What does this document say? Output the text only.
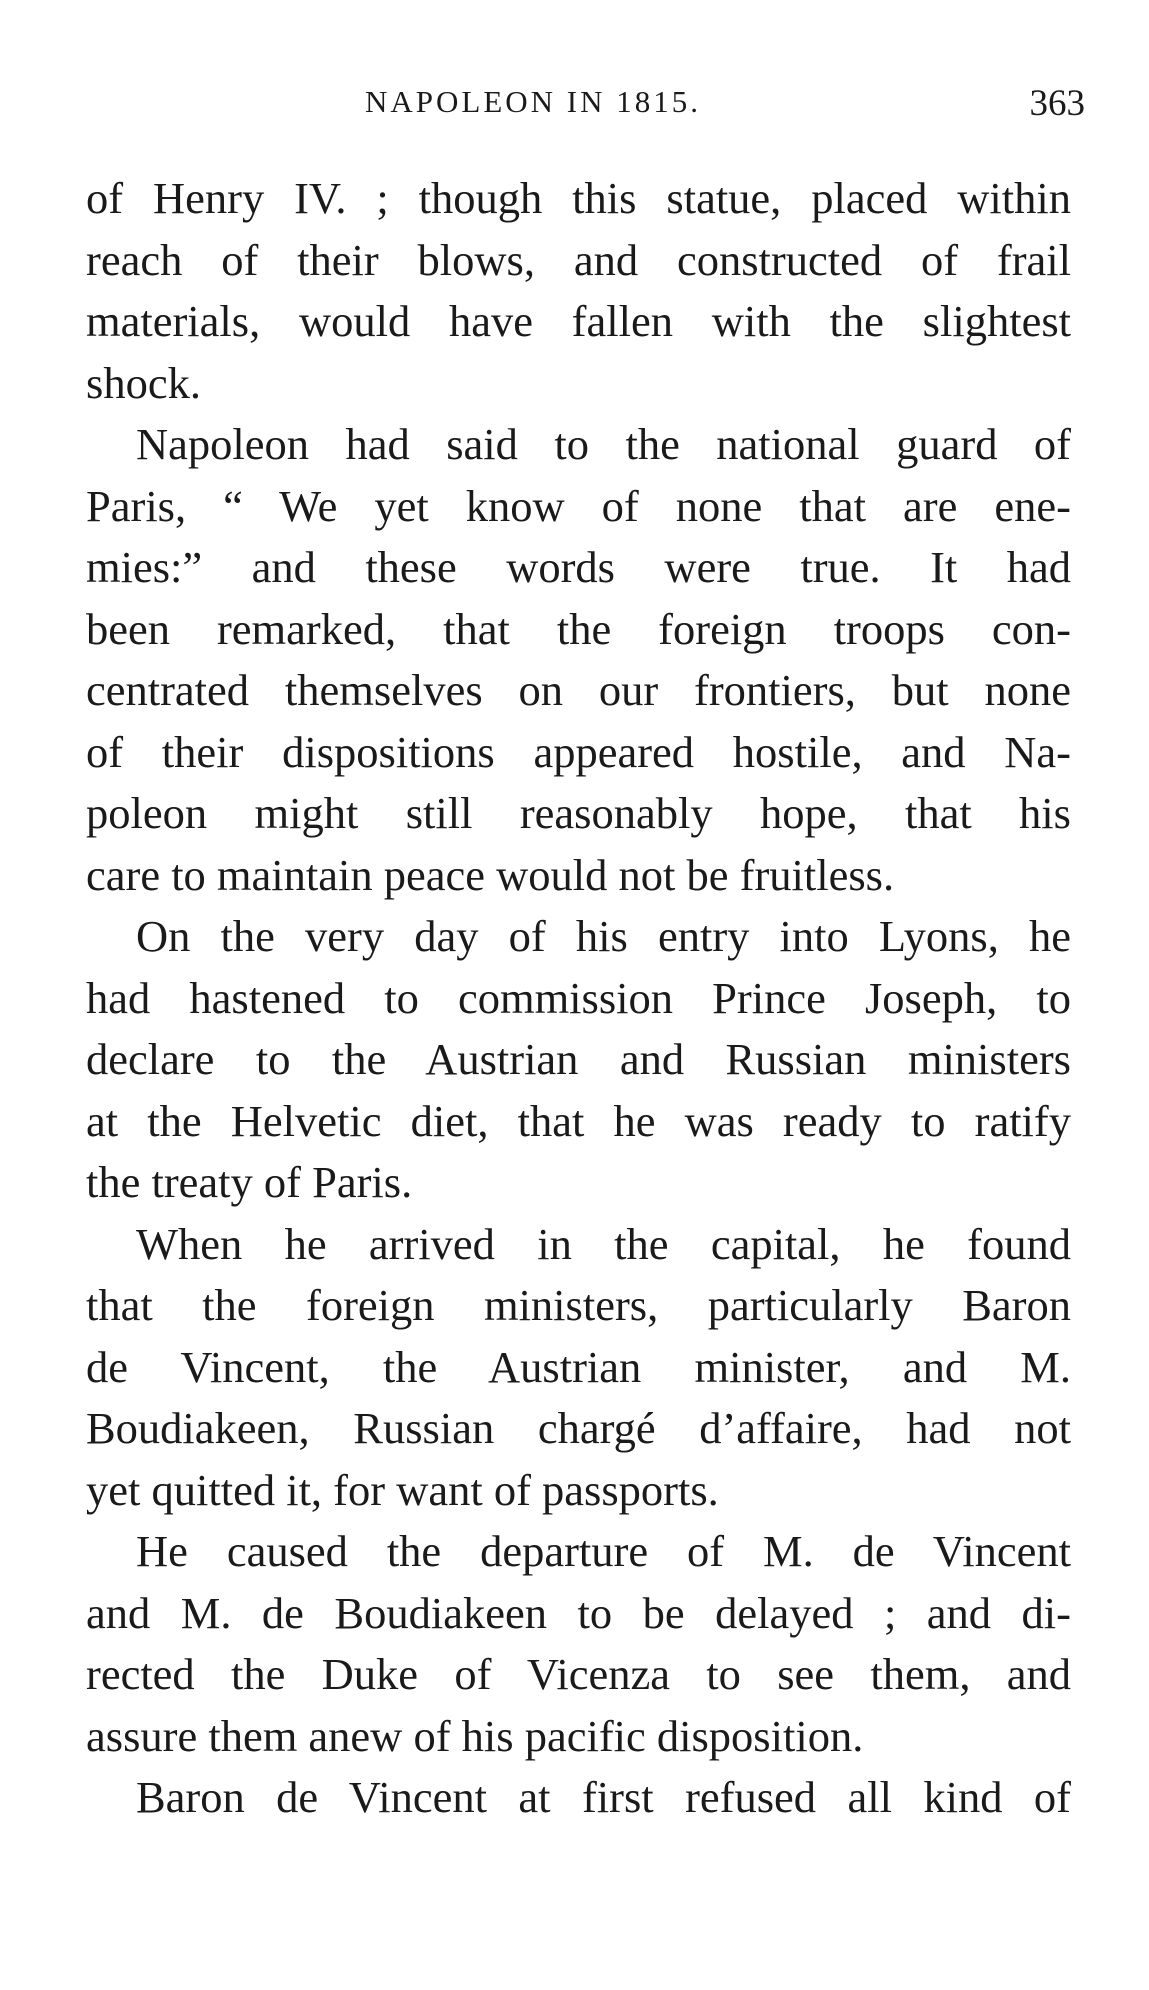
NAPOLEON IN 1815.	363

of Henry IV. ; though this statue, placed within
reach of their blows, and constructed of frail
materials, would have fallen with the slightest
shock.

Napoleon had said to the national guard of
Paris, “ We yet know of none that are ene-
mies:” and these words were true. It had
been remarked, that the foreign troops con-
centrated themselves on our frontiers, but none
of their dispositions appeared hostile, and Na-
poleon might still reasonably hope, that his
care to maintain peace would not be fruitless.

On the very day of his entry into Lyons, he
had hastened to commission Prince Joseph, to
declare to the Austrian and Russian ministers
at the Helvetic diet, that he was ready to ratify
the treaty of Paris.

When he arrived in the capital, he found
that the foreign ministers, particularly Baron
de Vincent, the Austrian minister, and M.
Boudiakeen, Russian chargé d’affaire, had not
yet quitted it, for want of passports.

He caused the departure of M. de Vincent
and M. de Boudiakeen to be delayed ; and di-
rected the Duke of Vicenza to see them, and
assure them anew of his pacific disposition.

Baron de Vincent at first refused all kind of
